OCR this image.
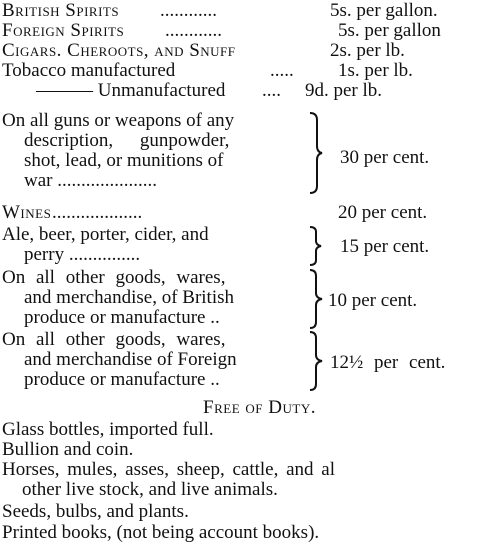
British Spirits ............	5s. per gallon.
Foreign Spirits ............	5s. per gallon
Cigars. Cheroots, and Snuff	2s. per lb.
Tobacco manufactured	..... 1s. per lb.
——— Unmanufactured .... 9d. per lb.
On all guns or weapons of any
description, gunpowder,
shot, lead, or munitions of
war .....................
30 per cent.
Wines ...................	20 per cent.
Ale, beer, porter, cider, and
perry ...............	15 per cent.
On all other goods, wares,
and merchandise, of British
produce or manufacture ..
10 per cent.
On all other goods, wares,
and merchandise of Foreign
produce or manufacture ..
12½ per cent.
Free of Duty.
Glass bottles, imported full.
Bullion and coin.
Horses, mules, asses, sheep, cattle, and al
other live stock, and live animals.
Seeds, bulbs, and plants.
Printed books, (not being account books).
